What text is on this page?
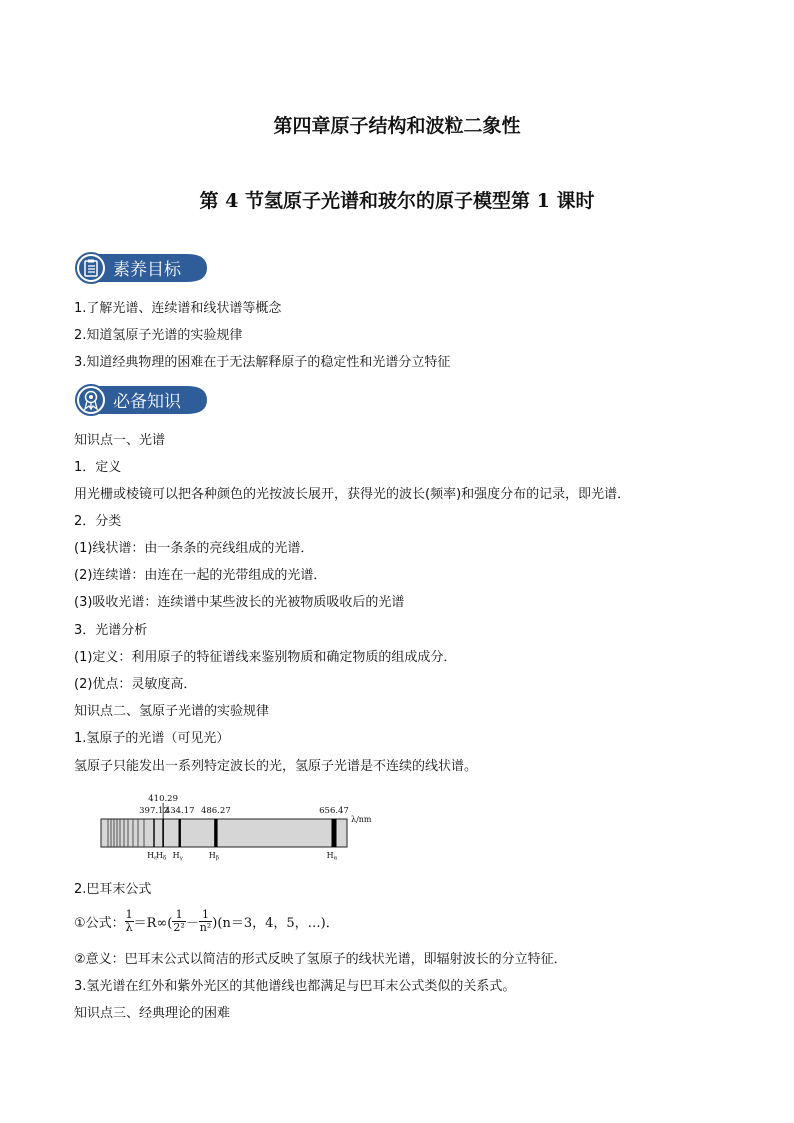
第四章原子结构和波粒二象性
第 4 节氢原子光谱和玻尔的原子模型第 1 课时
素养目标
1.了解光谱、连续谱和线状谱等概念
2.知道氢原子光谱的实验规律
3.知道经典物理的困难在于无法解释原子的稳定性和光谱分立特征
必备知识
知识点一、光谱
1．定义
用光栅或棱镜可以把各种颜色的光按波长展开，获得光的波长(频率)和强度分布的记录，即光谱．
2．分类
(1)线状谱：由一条条的亮线组成的光谱．
(2)连续谱：由连在一起的光带组成的光谱．
(3)吸收光谱：连续谱中某些波长的光被物质吸收后的光谱
3．光谱分析
(1)定义：利用原子的特征谱线来鉴别物质和确定物质的组成成分．
(2)优点：灵敏度高．
知识点二、氢原子光谱的实验规律
1.氢原子的光谱（可见光）
氢原子只能发出一系列特定波长的光，氢原子光谱是不连续的线状谱。
397.12
Hε
410.29
Hδ
434.17
Hγ
486.27
Hβ
656.47
Hα
λ/nm
2.巴耳末公式
①公式： $\frac{1}{\lambda} =R\infty( \frac{1}{\text{2²}} - \frac{1}{\text{n²}} )(n=3$，4，5，…)．
②意义：巴耳末公式以简洁的形式反映了氢原子的线状光谱，即辐射波长的分立特征．
3.氢光谱在红外和紫外光区的其他谱线也都满足与巴耳末公式类似的关系式。
知识点三、经典理论的困难
